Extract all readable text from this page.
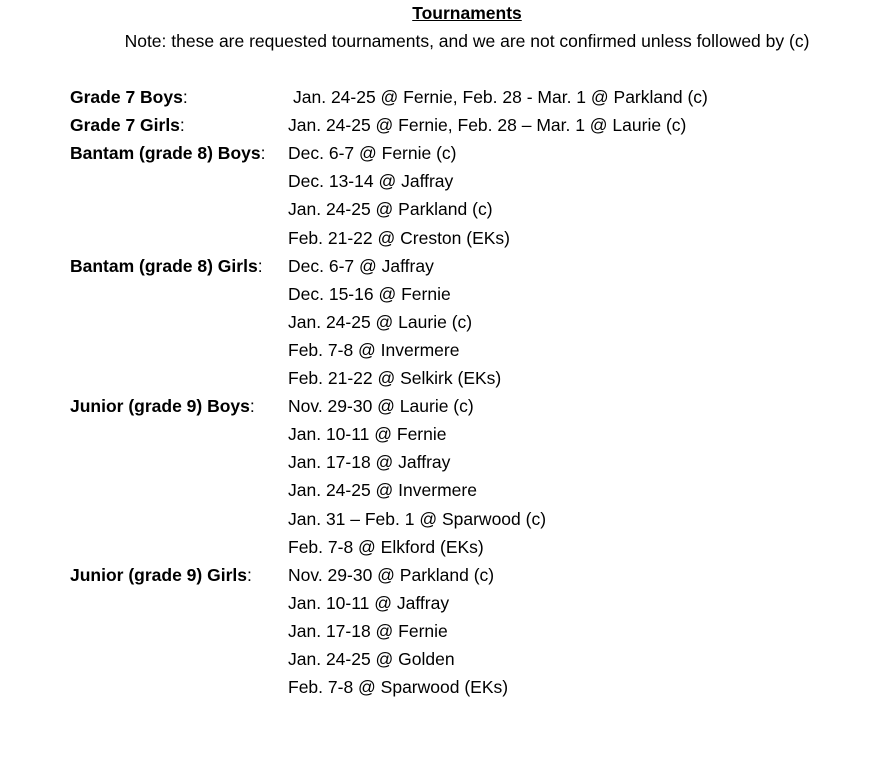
Tournaments
Note: these are requested tournaments, and we are not confirmed unless followed by (c)
Grade 7 Boys:	Jan. 24-25 @ Fernie, Feb. 28 - Mar. 1 @ Parkland (c)
Grade 7 Girls:	Jan. 24-25 @ Fernie, Feb. 28 – Mar. 1 @ Laurie (c)
Bantam (grade 8) Boys: Dec. 6-7 @ Fernie (c)
Dec. 13-14 @ Jaffray
Jan. 24-25 @ Parkland (c)
Feb. 21-22 @ Creston (EKs)
Bantam (grade 8) Girls: Dec. 6-7 @ Jaffray
Dec. 15-16 @ Fernie
Jan. 24-25 @ Laurie (c)
Feb. 7-8 @ Invermere
Feb. 21-22 @ Selkirk (EKs)
Junior (grade 9) Boys: Nov. 29-30 @ Laurie (c)
Jan. 10-11 @ Fernie
Jan. 17-18 @ Jaffray
Jan. 24-25 @ Invermere
Jan. 31 – Feb. 1 @ Sparwood (c)
Feb. 7-8 @ Elkford (EKs)
Junior (grade 9) Girls: Nov. 29-30 @ Parkland (c)
Jan. 10-11 @ Jaffray
Jan. 17-18 @ Fernie
Jan. 24-25 @ Golden
Feb. 7-8 @ Sparwood (EKs)
